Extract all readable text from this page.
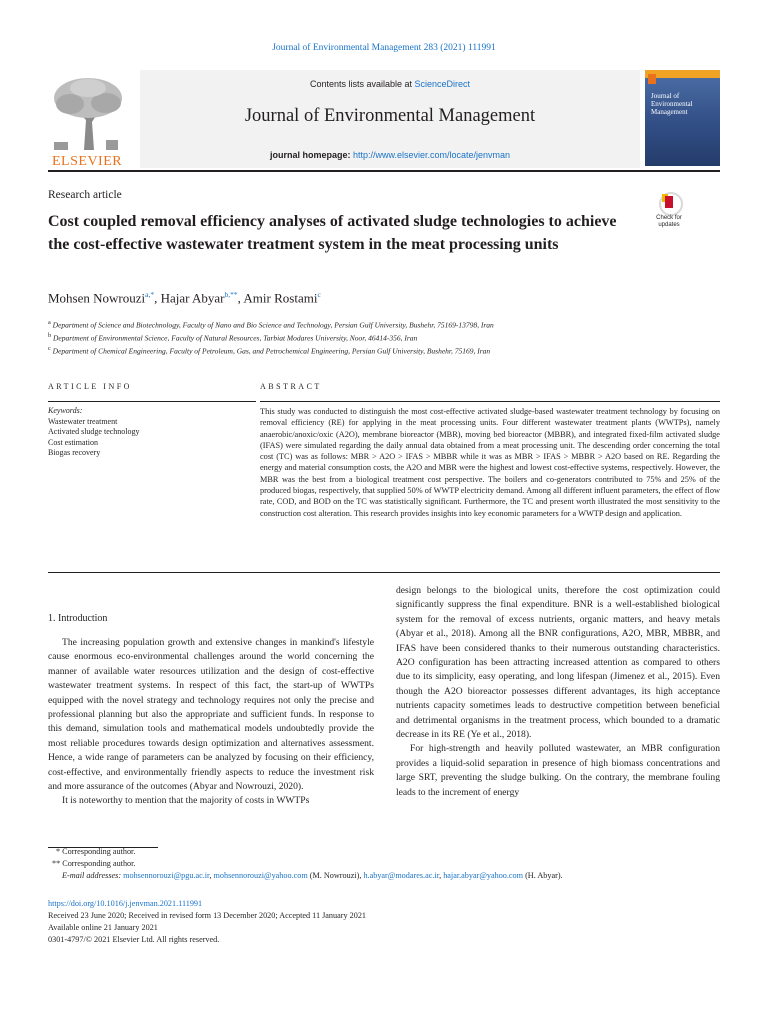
Journal of Environmental Management 283 (2021) 111991
ELSEVIER
Contents lists available at ScienceDirect
Journal of Environmental Management
journal homepage: http://www.elsevier.com/locate/jenvman
Journal of Environmental Management
Research article
Cost coupled removal efficiency analyses of activated sludge technologies to achieve the cost-effective wastewater treatment system in the meat processing units
Check for updates
Mohsen Nowrouzi$^{a,*}$, Hajar Abyar$^{b,**}$, Amir Rostami$^c$
$^a$ Department of Science and Biotechnology, Faculty of Nano and Bio Science and Technology, Persian Gulf University, Bushehr, 75169-13798, Iran
$^b$ Department of Environmental Science, Faculty of Natural Resources, Tarbiat Modares University, Noor, 46414-356, Iran
$^c$ Department of Chemical Engineering, Faculty of Petroleum, Gas, and Petrochemical Engineering, Persian Gulf University, Bushehr, 75169, Iran
ARTICLE INFO	ABSTRACT
Keywords:
Wastewater treatment
Activated sludge technology
Cost estimation
Biogas recovery
This study was conducted to distinguish the most cost-effective activated sludge-based wastewater treatment technology by focusing on removal efficiency (RE) for applying in the meat processing units. Four different wastewater treatment plants (WWTPs), namely anaerobic/anoxic/oxic (A2O), membrane bioreactor (MBR), moving bed bioreactor (MBBR), and integrated fixed-film activated sludge (IFAS) were simulated regarding the daily annual data obtained from a meat processing unit. The descending order concerning the total cost (TC) was as follows: MBR > A2O > IFAS > MBBR while it was as MBR > IFAS > MBBR > A2O based on RE. Regarding the energy and material consumption costs, the A2O and MBR were the highest and lowest cost-effective systems, respectively. However, the MBR was the best from a biological treatment cost perspective. The boilers and co-generators contributed to 75% and 25% of the produced biogas, respectively, that supplied 50% of WWTP electricity demand. Among all different influent parameters, the effect of flow rate, COD, and BOD on the TC was statistically significant. Furthermore, the TC and present worth illustrated the most sensitivity to the construction cost alteration. This research provides insights into key economic parameters for a WWTP design and application.
1. Introduction

The increasing population growth and extensive changes in mankind's lifestyle cause enormous eco-environmental challenges around the world concerning the manner of available water resources utilization and the design of cost-effective wastewater treatment systems. In respect of this fact, the start-up of WWTPs equipped with the novel strategy and technology requires not only the precise and professional planning but also the appropriate and sufficient funds. In response to this demand, simulation tools and mathematical models undoubtedly provide the most reliable procedures towards design optimization and alternatives assessment. Hence, a wide range of parameters can be analyzed by focusing on their efficiency, cost-effective, and environmentally friendly aspects to reduce the investment risk and more assurance of the outcomes (Abyar and Nowrouzi, 2020).

It is noteworthy to mention that the majority of costs in WWTPs

design belongs to the biological units, therefore the cost optimization could significantly suppress the final expenditure. BNR is a well-established biological system for the removal of excess nutrients, organic matters, and heavy metals (Abyar et al., 2018). Among all the BNR configurations, A2O, MBR, MBBR, and IFAS have been considered thanks to their numerous outstanding characteristics. A2O configuration has been attracting increased attention as compared to others due to its simplicity, easy operating, and long lifespan (Jimenez et al., 2015). Even though the A2O bioreactor possesses different advantages, its high acceptance nutrients capacity sometimes leads to destructive competition between beneficial and detrimental organisms in the treatment process, which bounded to a dramatic decrease in its RE (Ye et al., 2018).

For high-strength and heavily polluted wastewater, an MBR configuration provides a liquid-solid separation in presence of high biomass concentrations and large SRT, preventing the sludge bulking. On the contrary, the membrane fouling leads to the increment of energy

* Corresponding author.
** Corresponding author.
E-mail addresses: mohsennorouzi@pgu.ac.ir, mohsennorouzi@yahoo.com (M. Nowrouzi), h.abyar@modares.ac.ir, hajar.abyar@yahoo.com (H. Abyar).
https://doi.org/10.1016/j.jenvman.2021.111991
Received 23 June 2020; Received in revised form 13 December 2020; Accepted 11 January 2021
Available online 21 January 2021
0301-4797/© 2021 Elsevier Ltd. All rights reserved.
